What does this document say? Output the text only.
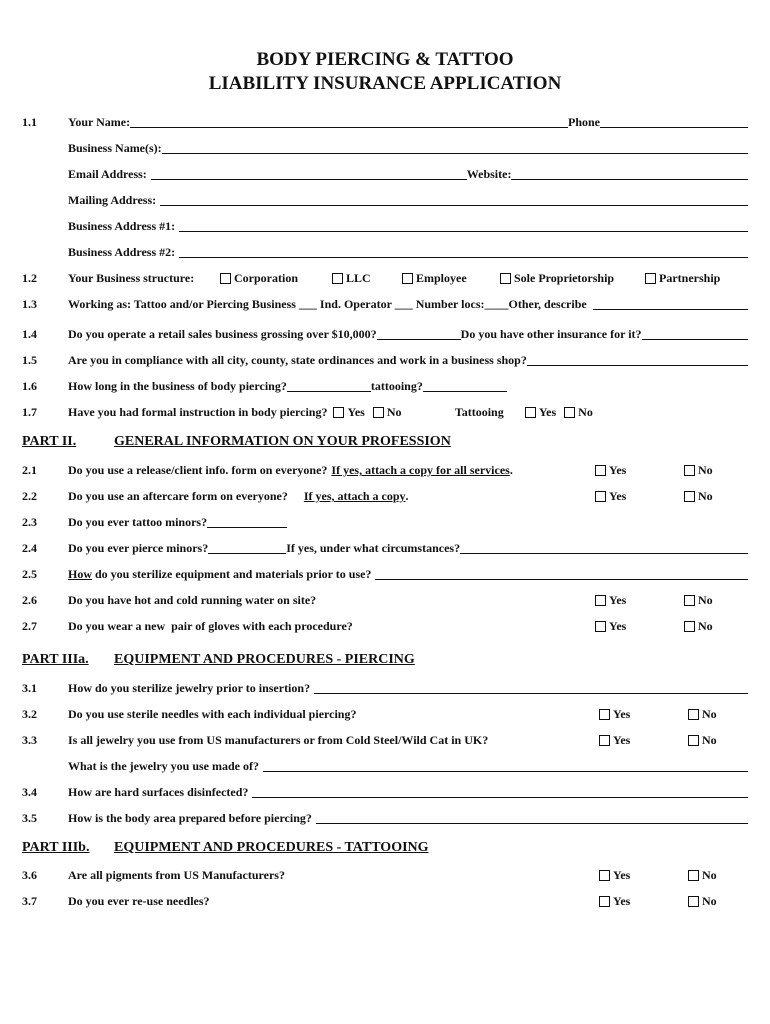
BODY PIERCING & TATTOO
LIABILITY INSURANCE APPLICATION
1.1	Your Name:	Phone
Business Name(s):
Email Address:	Website:
Mailing Address:
Business Address #1:
Business Address #2:
1.2	Your Business structure:	Corporation	LLC	Employee	Sole Proprietorship	Partnership
1.3	Working as: Tattoo and/or Piercing Business ___ Ind. Operator ___ Number locs:____Other, describe
1.4	Do you operate a retail sales business grossing over $10,000?	Do you have other insurance for it?
1.5	Are you in compliance with all city, county, state ordinances and work in a business shop?
1.6	How long in the business of body piercing?	tattooing?
1.7	Have you had formal instruction in body piercing? Yes No	Tattooing	Yes No
PART II.	GENERAL INFORMATION ON YOUR PROFESSION
2.1	Do you use a release/client info. form on everyone? If yes, attach a copy for all services .	Yes	No
2.2	Do you use an aftercare form on everyone? If yes, attach a copy .	Yes	No
2.3	Do you ever tattoo minors?
2.4	Do you ever pierce minors?	If yes, under what circumstances?
2.5	How do you sterilize equipment and materials prior to use?
2.6	Do you have hot and cold running water on site?	Yes	No
2.7	Do you wear a new  pair of gloves with each procedure?	Yes	No
PART IIIa.	EQUIPMENT AND PROCEDURES - PIERCING
3.1	How do you sterilize jewelry prior to insertion?
3.2	Do you use sterile needles with each individual piercing?	Yes	No
3.3	Is all jewelry you use from US manufacturers or from Cold Steel/Wild Cat in UK?	Yes	No
What is the jewelry you use made of?
3.4	How are hard surfaces disinfected?
3.5	How is the body area prepared before piercing?
PART IIIb.	EQUIPMENT AND PROCEDURES - TATTOOING
3.6	Are all pigments from US Manufacturers?	Yes	No
3.7	Do you ever re-use needles?	Yes	No
